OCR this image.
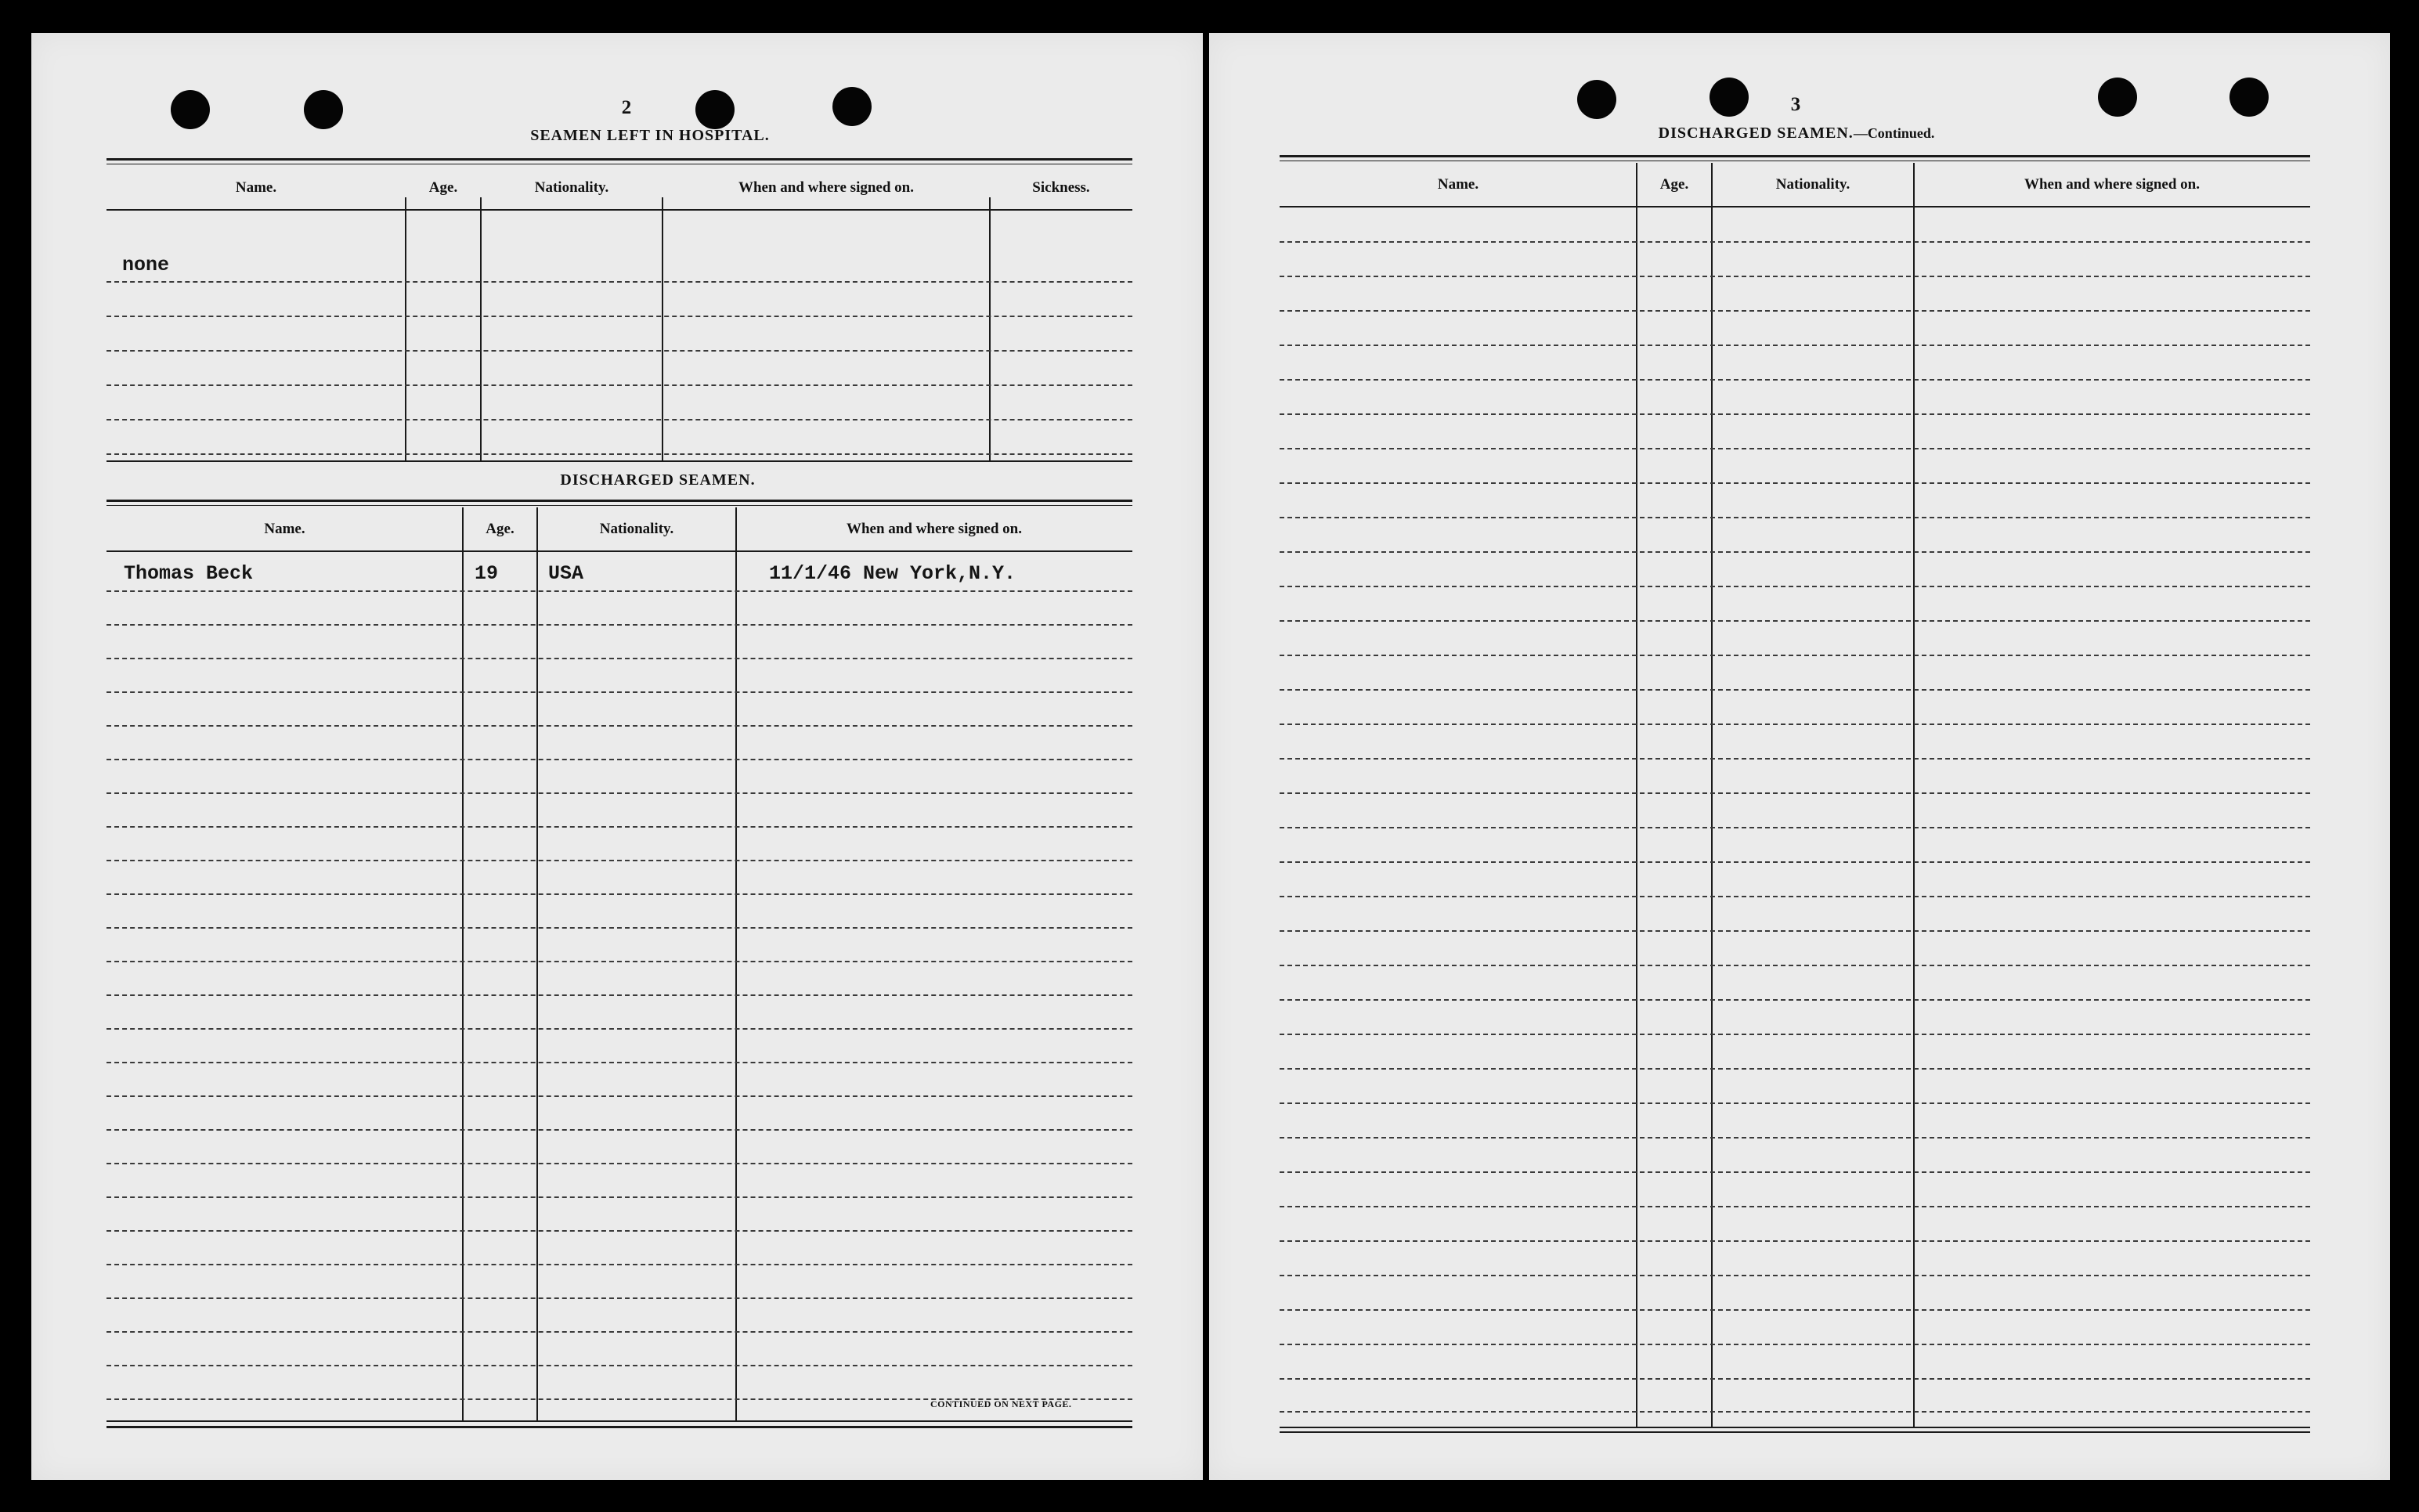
2
SEAMEN LEFT IN HOSPITAL.
Name.	Age.	Nationality.	When and where signed on.	Sickness.
none
DISCHARGED SEAMEN.
Name.	Age.	Nationality.	When and where signed on.
Thomas Beck	19	USA	11/1/46 New York,N.Y.
CONTINUED ON NEXT PAGE.
3
DISCHARGED SEAMEN.—Continued.
Name.	Age.	Nationality.	When and where signed on.
